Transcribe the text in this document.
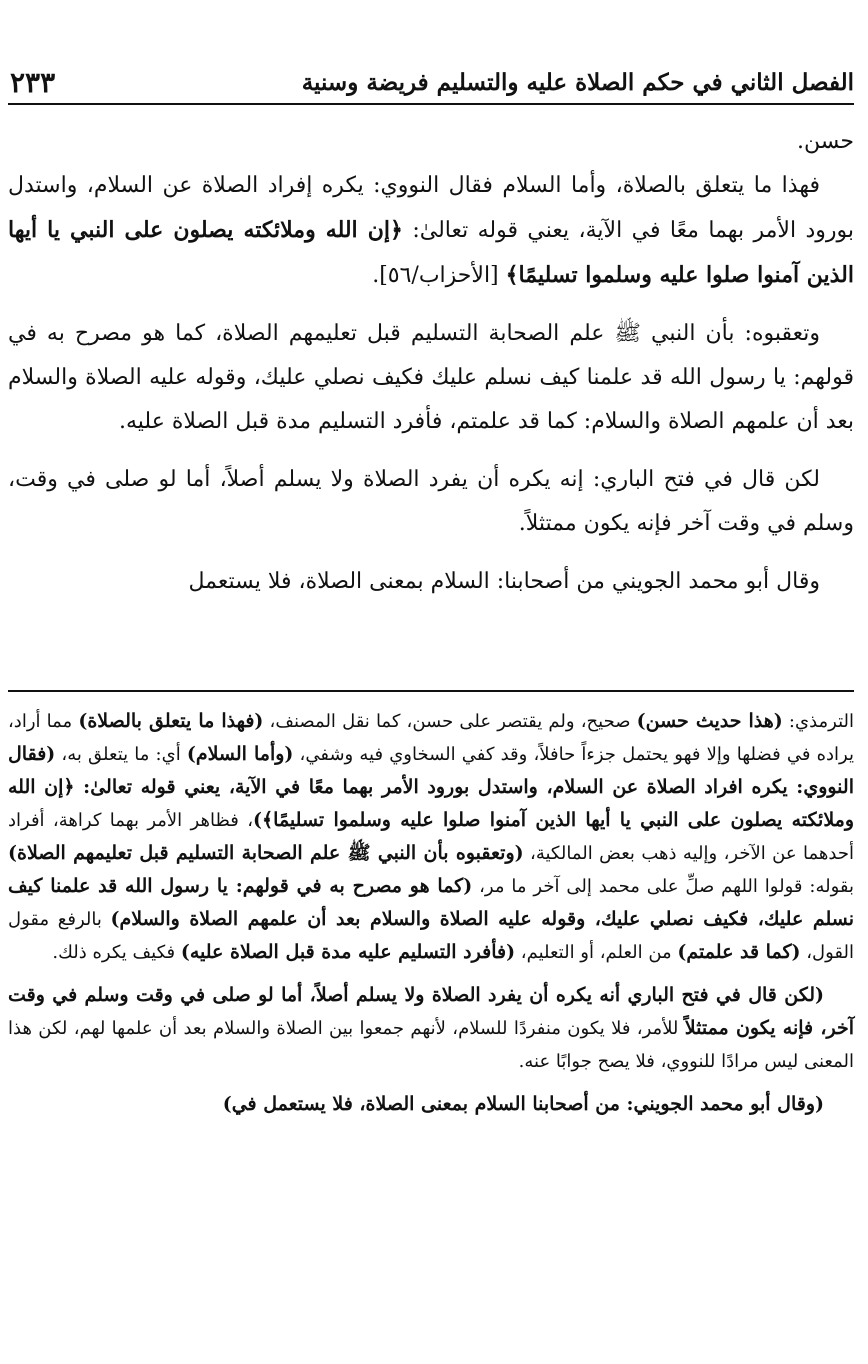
٢٣٣	الفصل الثاني في حكم الصلاة عليه والتسليم فريضة وسنية

حسن.

فهذا ما يتعلق بالصلاة، وأما السلام فقال النووي: يكره إفراد الصلاة عن السلام، واستدل بورود الأمر بهما معًا في الآية، يعني قوله تعالىٰ: ﴿إن الله وملائكته يصلون على النبي يا أيها الذين آمنوا صلوا عليه وسلموا تسليمًا﴾ [الأحزاب/٥٦].

وتعقبوه: بأن النبي ﷺ علم الصحابة التسليم قبل تعليمهم الصلاة، كما هو مصرح به في قولهم: يا رسول الله قد علمنا كيف نسلم عليك فكيف نصلي عليك، وقوله عليه الصلاة والسلام بعد أن علمهم الصلاة والسلام: كما قد علمتم، فأفرد التسليم مدة قبل الصلاة عليه.

لكن قال في فتح الباري: إنه يكره أن يفرد الصلاة ولا يسلم أصلاً، أما لو صلى في وقت، وسلم في وقت آخر فإنه يكون ممتثلاً.

وقال أبو محمد الجويني من أصحابنا: السلام بمعنى الصلاة، فلا يستعمل

الترمذي: (هذا حديث حسن) صحيح، ولم يقتصر على حسن، كما نقل المصنف، (فهذا ما يتعلق بالصلاة) مما أراد، يراده في فضلها وإلا فهو يحتمل جزءاً حافلاً، وقد كفي السخاوي فيه وشفي، (وأما السلام) أي: ما يتعلق به، (فقال النووي: يكره افراد الصلاة عن السلام، واستدل بورود الأمر بهما معًا في الآية، يعني قوله تعالىٰ: ﴿إن الله وملائكته يصلون على النبي يا أيها الذين آمنوا صلوا عليه وسلموا تسليمًا﴾)، فظاهر الأمر بهما كراهة، أفراد أحدهما عن الآخر، وإليه ذهب بعض المالكية، (وتعقبوه بأن النبي ﷺ علم الصحابة التسليم قبل تعليمهم الصلاة) بقوله: قولوا اللهم صلِّ على محمد إلى آخر ما مر، (كما هو مصرح به في قولهم: يا رسول الله قد علمنا كيف نسلم عليك، فكيف نصلي عليك، وقوله عليه الصلاة والسلام بعد أن علمهم الصلاة والسلام) بالرفع مقول القول، (كما قد علمتم) من العلم، أو التعليم، (فأفرد التسليم عليه مدة قبل الصلاة عليه) فكيف يكره ذلك.

(لكن قال في فتح الباري أنه يكره أن يفرد الصلاة ولا يسلم أصلاً، أما لو صلى في وقت وسلم في وقت آخر، فإنه يكون ممتثلاً للأمر، فلا يكون منفردًا للسلام، لأنهم جمعوا بين الصلاة والسلام بعد أن علمها لهم، لكن هذا المعنى ليس مرادًا للنووي، فلا يصح جوابًا عنه.

(وقال أبو محمد الجويني: من أصحابنا السلام بمعنى الصلاة، فلا يستعمل في)
